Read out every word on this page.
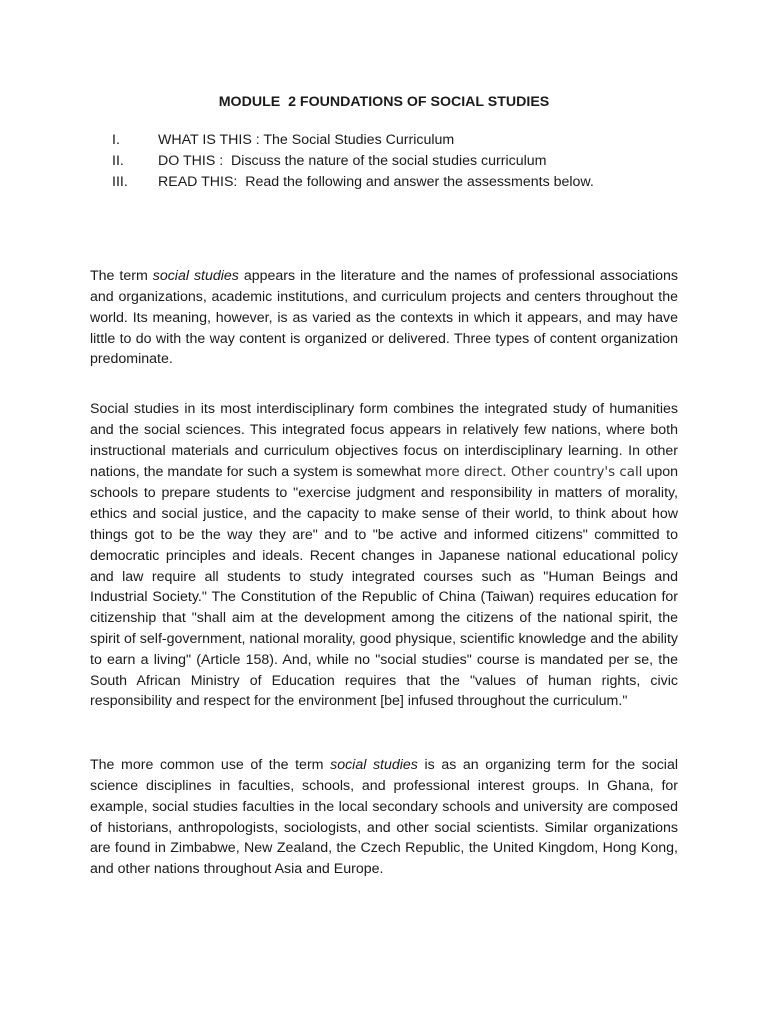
MODULE  2 FOUNDATIONS OF SOCIAL STUDIES
I.	WHAT IS THIS : The Social Studies Curriculum
II.	DO THIS :  Discuss the nature of the social studies curriculum
III.	READ THIS:  Read the following and answer the assessments below.

The term social studies appears in the literature and the names of professional associations and organizations, academic institutions, and curriculum projects and centers throughout the world. Its meaning, however, is as varied as the contexts in which it appears, and may have little to do with the way content is organized or delivered. Three types of content organization predominate.

Social studies in its most interdisciplinary form combines the integrated study of humanities and the social sciences. This integrated focus appears in relatively few nations, where both instructional materials and curriculum objectives focus on interdisciplinary learning. In other nations, the mandate for such a system is somewhat more direct. Other country's call upon schools to prepare students to "exercise judgment and responsibility in matters of morality, ethics and social justice, and the capacity to make sense of their world, to think about how things got to be the way they are" and to "be active and informed citizens" committed to democratic principles and ideals. Recent changes in Japanese national educational policy and law require all students to study integrated courses such as "Human Beings and Industrial Society." The Constitution of the Republic of China (Taiwan) requires education for citizenship that "shall aim at the development among the citizens of the national spirit, the spirit of self-government, national morality, good physique, scientific knowledge and the ability to earn a living" (Article 158). And, while no "social studies" course is mandated per se, the South African Ministry of Education requires that the "values of human rights, civic responsibility and respect for the environment [be] infused throughout the curriculum."

The more common use of the term social studies is as an organizing term for the social science disciplines in faculties, schools, and professional interest groups. In Ghana, for example, social studies faculties in the local secondary schools and university are composed of historians, anthropologists, sociologists, and other social scientists. Similar organizations are found in Zimbabwe, New Zealand, the Czech Republic, the United Kingdom, Hong Kong, and other nations throughout Asia and Europe.
